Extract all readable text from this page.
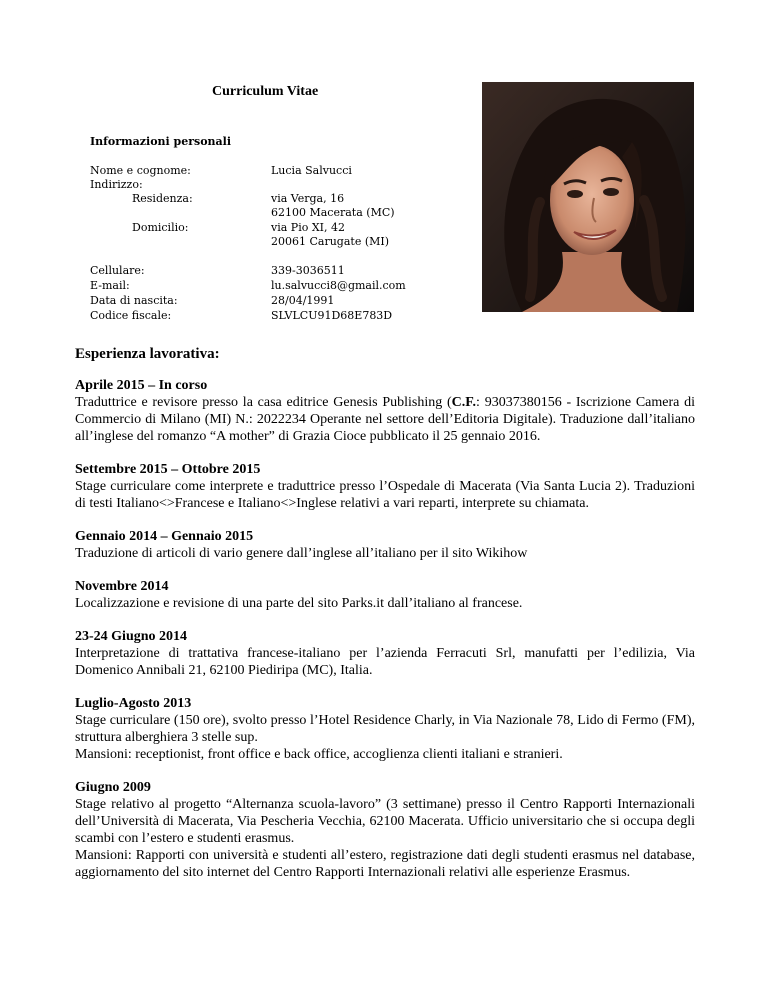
Curriculum Vitae
Informazioni personali
Nome e cognome:
Indirizzo:
Residenza:
Domicilio:
Cellulare:
E-mail:
Data di nascita:
Codice fiscale:
Lucia Salvucci
via Verga, 16
62100 Macerata (MC)
via Pio XI, 42
20061 Carugate (MI)
339-3036511
lu.salvucci8@gmail.com
28/04/1991
SLVLCU91D68E783D
Esperienza lavorativa:
Aprile 2015 – In corso
Traduttrice e revisore presso la casa editrice Genesis Publishing (C.F.: 93037380156 - Iscrizione Camera di Commercio di Milano (MI) N.: 2022234 Operante nel settore dell’Editoria Digitale). Traduzione dall’italiano all’inglese del romanzo “A mother” di Grazia Cioce pubblicato il 25 gennaio 2016.
Settembre 2015 – Ottobre 2015

Stage curriculare come interprete e traduttrice presso l’Ospedale di Macerata (Via Santa Lucia 2). Traduzioni di testi Italiano<>Francese e Italiano<>Inglese relativi a vari reparti, interprete su chiamata.

Gennaio 2014 – Gennaio 2015

Traduzione di articoli di vario genere dall’inglese all’italiano per il sito Wikihow

Novembre 2014

Localizzazione e revisione di una parte del sito Parks.it dall’italiano al francese.

23-24 Giugno 2014

Interpretazione di trattativa francese-italiano per l’azienda Ferracuti Srl, manufatti per l’edilizia, Via Domenico Annibali 21, 62100 Piediripa (MC), Italia.

Luglio-Agosto 2013

Stage curriculare (150 ore), svolto presso l’Hotel Residence Charly, in Via Nazionale 78, Lido di Fermo (FM), struttura alberghiera 3 stelle sup.

Mansioni: receptionist, front office e back office, accoglienza clienti italiani e stranieri.

Giugno 2009

Stage relativo al progetto “Alternanza scuola-lavoro” (3 settimane) presso il Centro Rapporti Internazionali dell’Università di Macerata, Via Pescheria Vecchia, 62100 Macerata. Ufficio universitario che si occupa degli scambi con l’estero e studenti erasmus.

Mansioni: Rapporti con università e studenti all’estero, registrazione dati degli studenti erasmus nel database, aggiornamento del sito internet del Centro Rapporti Internazionali relativi alle esperienze Erasmus.
